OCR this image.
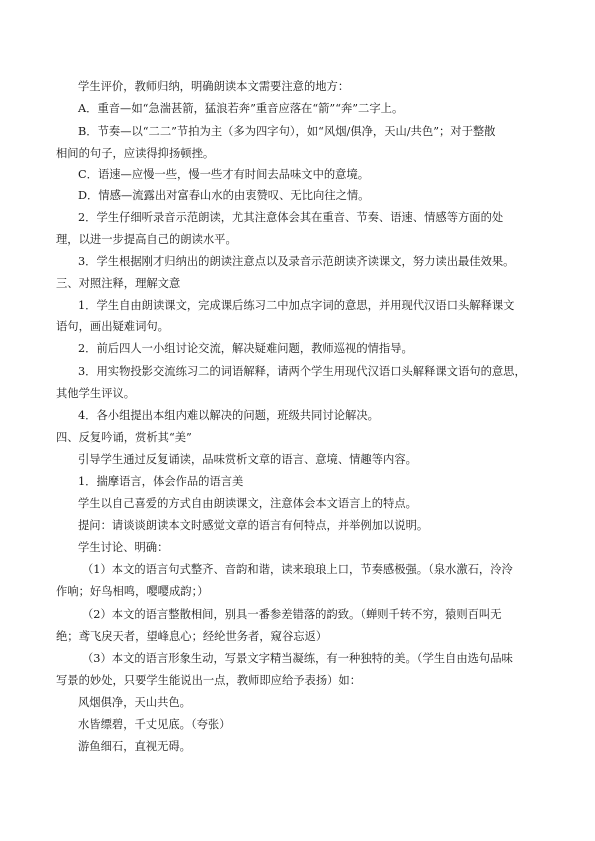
学生评价，教师归纳，明确朗读本文需要注意的地方：
A．重音—如“急湍甚箭，猛浪若奔”重音应落在“箭”“奔”二字上。
B．节奏—以“二二”节拍为主（多为四字句），如“风烟/俱净，天山/共色”；对于整散
相间的句子，应读得抑扬顿挫。
C．语速—应慢一些，慢一些才有时间去品味文中的意境。
D．情感—流露出对富春山水的由衷赞叹、无比向往之情。
2．学生仔细听录音示范朗读，尤其注意体会其在重音、节奏、语速、情感等方面的处
理，以进一步提高自己的朗读水平。
3．学生根据刚才归纳出的朗读注意点以及录音示范朗读齐读课文，努力读出最佳效果。
三、对照注释，理解文意
1．学生自由朗读课文，完成课后练习二中加点字词的意思，并用现代汉语口头解释课文
语句，画出疑难词句。
2．前后四人一小组讨论交流，解决疑难问题，教师巡视的情指导。
3．用实物投影交流练习二的词语解释，请两个学生用现代汉语口头解释课文语句的意思，
其他学生评议。
4．各小组提出本组内难以解决的问题，班级共同讨论解决。
四、反复吟诵，赏析其“美”
引导学生通过反复诵读，品味赏析文章的语言、意境、情趣等内容。
1．揣摩语言，体会作品的语言美
学生以自己喜爱的方式自由朗读课文，注意体会本文语言上的特点。
提问：请谈谈朗读本文时感觉文章的语言有何特点，并举例加以说明。
学生讨论、明确：
（1）本文的语言句式整齐、音韵和谐，读来琅琅上口，节奏感极强。（泉水激石，泠泠
作响；好鸟相鸣，嘤嘤成韵；）
（2）本文的语言整散相间，别具一番参差错落的韵致。（蝉则千转不穷，猿则百叫无
绝；鸢飞戾天者，望峰息心；经纶世务者，窥谷忘返）
（3）本文的语言形象生动，写景文字精当凝练，有一种独特的美。（学生自由选句品味
写景的妙处，只要学生能说出一点，教师即应给予表扬）如：
风烟俱净，天山共色。
水皆缥碧，千丈见底。（夸张）
游鱼细石，直视无碍。
